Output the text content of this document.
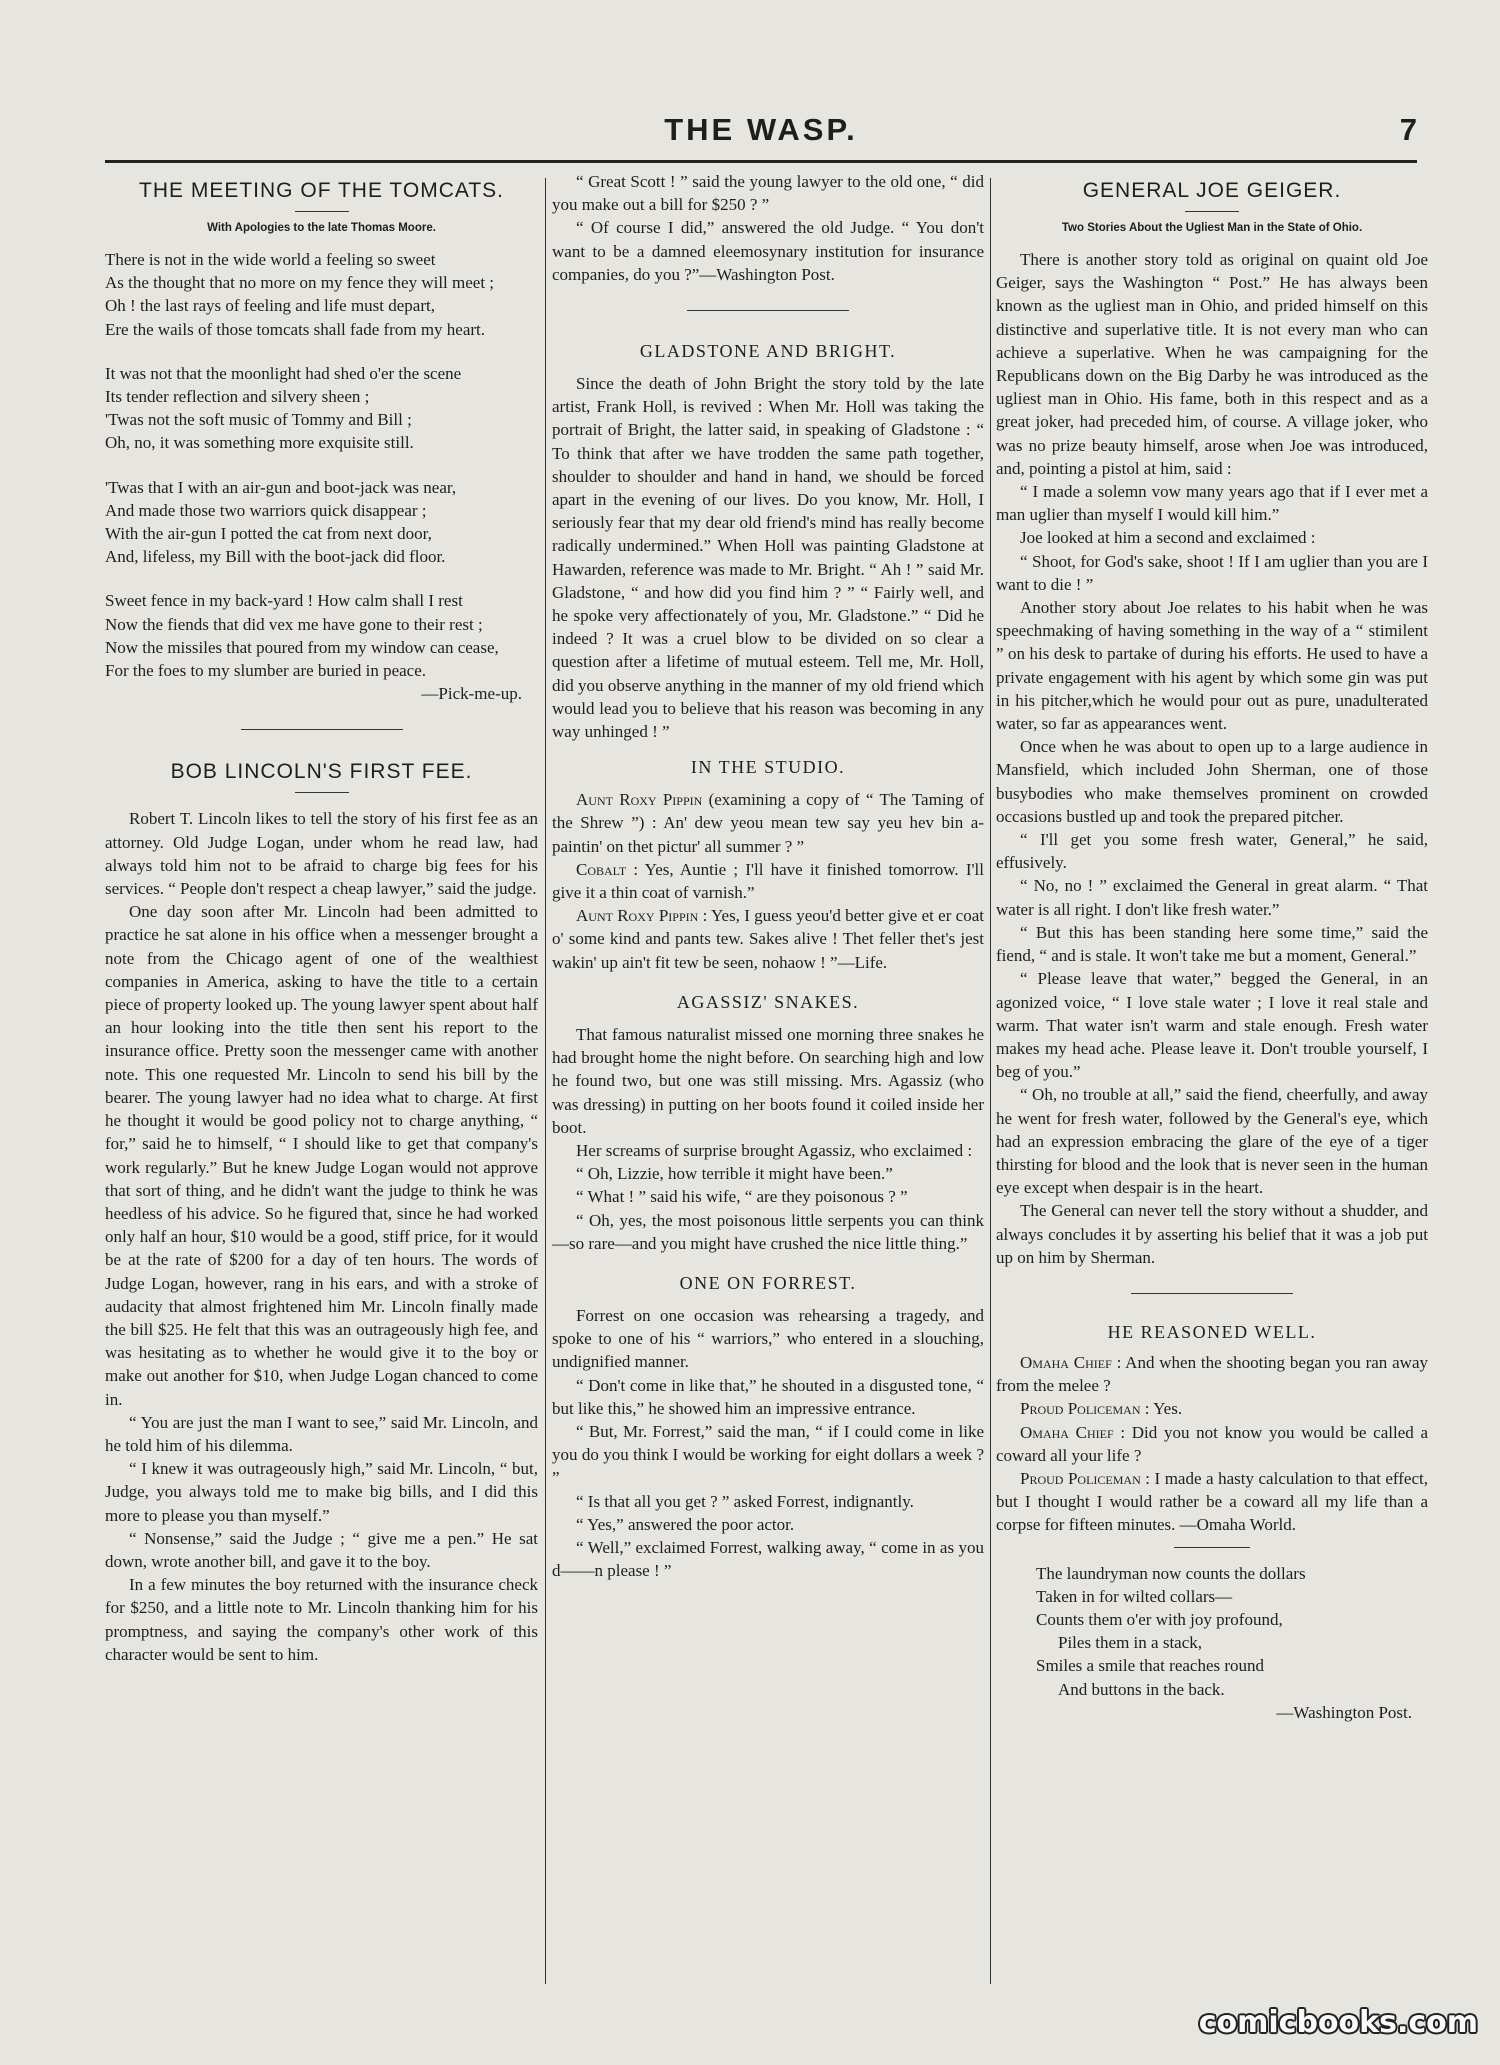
THE WASP.	7
THE MEETING OF THE TOMCATS.
With Apologies to the late Thomas Moore.

There is not in the wide world a feeling so sweet

As the thought that no more on my fence they will meet ;

Oh ! the last rays of feeling and life must depart,

Ere the wails of those tomcats shall fade from my heart.

It was not that the moonlight had shed o'er the scene

Its tender reflection and silvery sheen ;

'Twas not the soft music of Tommy and Bill ;

Oh, no, it was something more exquisite still.

'Twas that I with an air-gun and boot-jack was near,

And made those two warriors quick disappear ;

With the air-gun I potted the cat from next door,

And, lifeless, my Bill with the boot-jack did floor.

Sweet fence in my back-yard ! How calm shall I rest

Now the fiends that did vex me have gone to their rest ;

Now the missiles that poured from my window can cease,

For the foes to my slumber are buried in peace.

—Pick-me-up.
BOB LINCOLN'S FIRST FEE.

Robert T. Lincoln likes to tell the story of his first fee as an attorney. Old Judge Logan, under whom he read law, had always told him not to be afraid to charge big fees for his services. “ People don't respect a cheap lawyer,” said the judge.

One day soon after Mr. Lincoln had been admitted to practice he sat alone in his office when a messenger brought a note from the Chicago agent of one of the wealthiest companies in America, asking to have the title to a certain piece of property looked up. The young lawyer spent about half an hour looking into the title then sent his report to the insurance office. Pretty soon the messenger came with another note. This one requested Mr. Lincoln to send his bill by the bearer. The young lawyer had no idea what to charge. At first he thought it would be good policy not to charge anything, “ for,” said he to himself, “ I should like to get that company's work regularly.” But he knew Judge Logan would not approve that sort of thing, and he didn't want the judge to think he was heedless of his advice. So he figured that, since he had worked only half an hour, $10 would be a good, stiff price, for it would be at the rate of $200 for a day of ten hours. The words of Judge Logan, however, rang in his ears, and with a stroke of audacity that almost frightened him Mr. Lincoln finally made the bill $25. He felt that this was an outrageously high fee, and was hesitating as to whether he would give it to the boy or make out another for $10, when Judge Logan chanced to come in.

“ You are just the man I want to see,” said Mr. Lincoln, and he told him of his dilemma.

“ I knew it was outrageously high,” said Mr. Lincoln, “ but, Judge, you always told me to make big bills, and I did this more to please you than myself.”

“ Nonsense,” said the Judge ; “ give me a pen.” He sat down, wrote another bill, and gave it to the boy.

In a few minutes the boy returned with the insurance check for $250, and a little note to Mr. Lincoln thanking him for his promptness, and saying the company's other work of this character would be sent to him.

“ Great Scott ! ” said the young lawyer to the old one, “ did you make out a bill for $250 ? ”

“ Of course I did,” answered the old Judge. “ You don't want to be a damned eleemosynary institution for insurance companies, do you ?”—Washington Post.

GLADSTONE AND BRIGHT.

Since the death of John Bright the story told by the late artist, Frank Holl, is revived : When Mr. Holl was taking the portrait of Bright, the latter said, in speaking of Gladstone : “ To think that after we have trodden the same path together, shoulder to shoulder and hand in hand, we should be forced apart in the evening of our lives. Do you know, Mr. Holl, I seriously fear that my dear old friend's mind has really become radically undermined.” When Holl was painting Gladstone at Hawarden, reference was made to Mr. Bright. “ Ah ! ” said Mr. Gladstone, “ and how did you find him ? ” “ Fairly well, and he spoke very affectionately of you, Mr. Gladstone.” “ Did he indeed ? It was a cruel blow to be divided on so clear a question after a lifetime of mutual esteem. Tell me, Mr. Holl, did you observe anything in the manner of my old friend which would lead you to believe that his reason was becoming in any way unhinged ! ”

IN THE STUDIO.

Aunt Roxy Pippin (examining a copy of “ The Taming of the Shrew ”) : An' dew yeou mean tew say yeu hev bin a-paintin' on thet pictur' all summer ? ”

Cobalt : Yes, Auntie ; I'll have it finished tomorrow. I'll give it a thin coat of varnish.”

Aunt Roxy Pippin : Yes, I guess yeou'd better give et er coat o' some kind and pants tew. Sakes alive ! Thet feller thet's jest wakin' up ain't fit tew be seen, nohaow ! ”—Life.

AGASSIZ' SNAKES.

That famous naturalist missed one morning three snakes he had brought home the night before. On searching high and low he found two, but one was still missing. Mrs. Agassiz (who was dressing) in putting on her boots found it coiled inside her boot.

Her screams of surprise brought Agassiz, who exclaimed :

“ Oh, Lizzie, how terrible it might have been.”

“ What ! ” said his wife, “ are they poisonous ? ”

“ Oh, yes, the most poisonous little serpents you can think—so rare—and you might have crushed the nice little thing.”

ONE ON FORREST.

Forrest on one occasion was rehearsing a tragedy, and spoke to one of his “ warriors,” who entered in a slouching, undignified manner.

“ Don't come in like that,” he shouted in a disgusted tone, “ but like this,” he showed him an impressive entrance.

“ But, Mr. Forrest,” said the man, “ if I could come in like you do you think I would be working for eight dollars a week ? ”

“ Is that all you get ? ” asked Forrest, indignantly.

“ Yes,” answered the poor actor.

“ Well,” exclaimed Forrest, walking away, “ come in as you d——n please ! ”

GENERAL JOE GEIGER.
Two Stories About the Ugliest Man in the State of Ohio.

There is another story told as original on quaint old Joe Geiger, says the Washington “ Post.” He has always been known as the ugliest man in Ohio, and prided himself on this distinctive and superlative title. It is not every man who can achieve a superlative. When he was campaigning for the Republicans down on the Big Darby he was introduced as the ugliest man in Ohio. His fame, both in this respect and as a great joker, had preceded him, of course. A village joker, who was no prize beauty himself, arose when Joe was introduced, and, pointing a pistol at him, said :

“ I made a solemn vow many years ago that if I ever met a man uglier than myself I would kill him.”

Joe looked at him a second and exclaimed :

“ Shoot, for God's sake, shoot ! If I am uglier than you are I want to die ! ”

Another story about Joe relates to his habit when he was speechmaking of having something in the way of a “ stimilent ” on his desk to partake of during his efforts. He used to have a private engagement with his agent by which some gin was put in his pitcher,which he would pour out as pure, unadulterated water, so far as appearances went.

Once when he was about to open up to a large audience in Mansfield, which included John Sherman, one of those busybodies who make themselves prominent on crowded occasions bustled up and took the prepared pitcher.

“ I'll get you some fresh water, General,” he said, effusively.

“ No, no ! ” exclaimed the General in great alarm. “ That water is all right. I don't like fresh water.”

“ But this has been standing here some time,” said the fiend, “ and is stale. It won't take me but a moment, General.”

“ Please leave that water,” begged the General, in an agonized voice, “ I love stale water ; I love it real stale and warm. That water isn't warm and stale enough. Fresh water makes my head ache. Please leave it. Don't trouble yourself, I beg of you.”

“ Oh, no trouble at all,” said the fiend, cheerfully, and away he went for fresh water, followed by the General's eye, which had an expression embracing the glare of the eye of a tiger thirsting for blood and the look that is never seen in the human eye except when despair is in the heart.

The General can never tell the story without a shudder, and always concludes it by asserting his belief that it was a job put up on him by Sherman.

HE REASONED WELL.

Omaha Chief : And when the shooting began you ran away from the melee ?

Proud Policeman : Yes.

Omaha Chief : Did you not know you would be called a coward all your life ?

Proud Policeman : I made a hasty calculation to that effect, but I thought I would rather be a coward all my life than a corpse for fifteen minutes. —Omaha World.

The laundryman now counts the dollars

Taken in for wilted collars—

Counts them o'er with joy profound,

Piles them in a stack,

Smiles a smile that reaches round

And buttons in the back.

—Washington Post.
comicbooks.com
